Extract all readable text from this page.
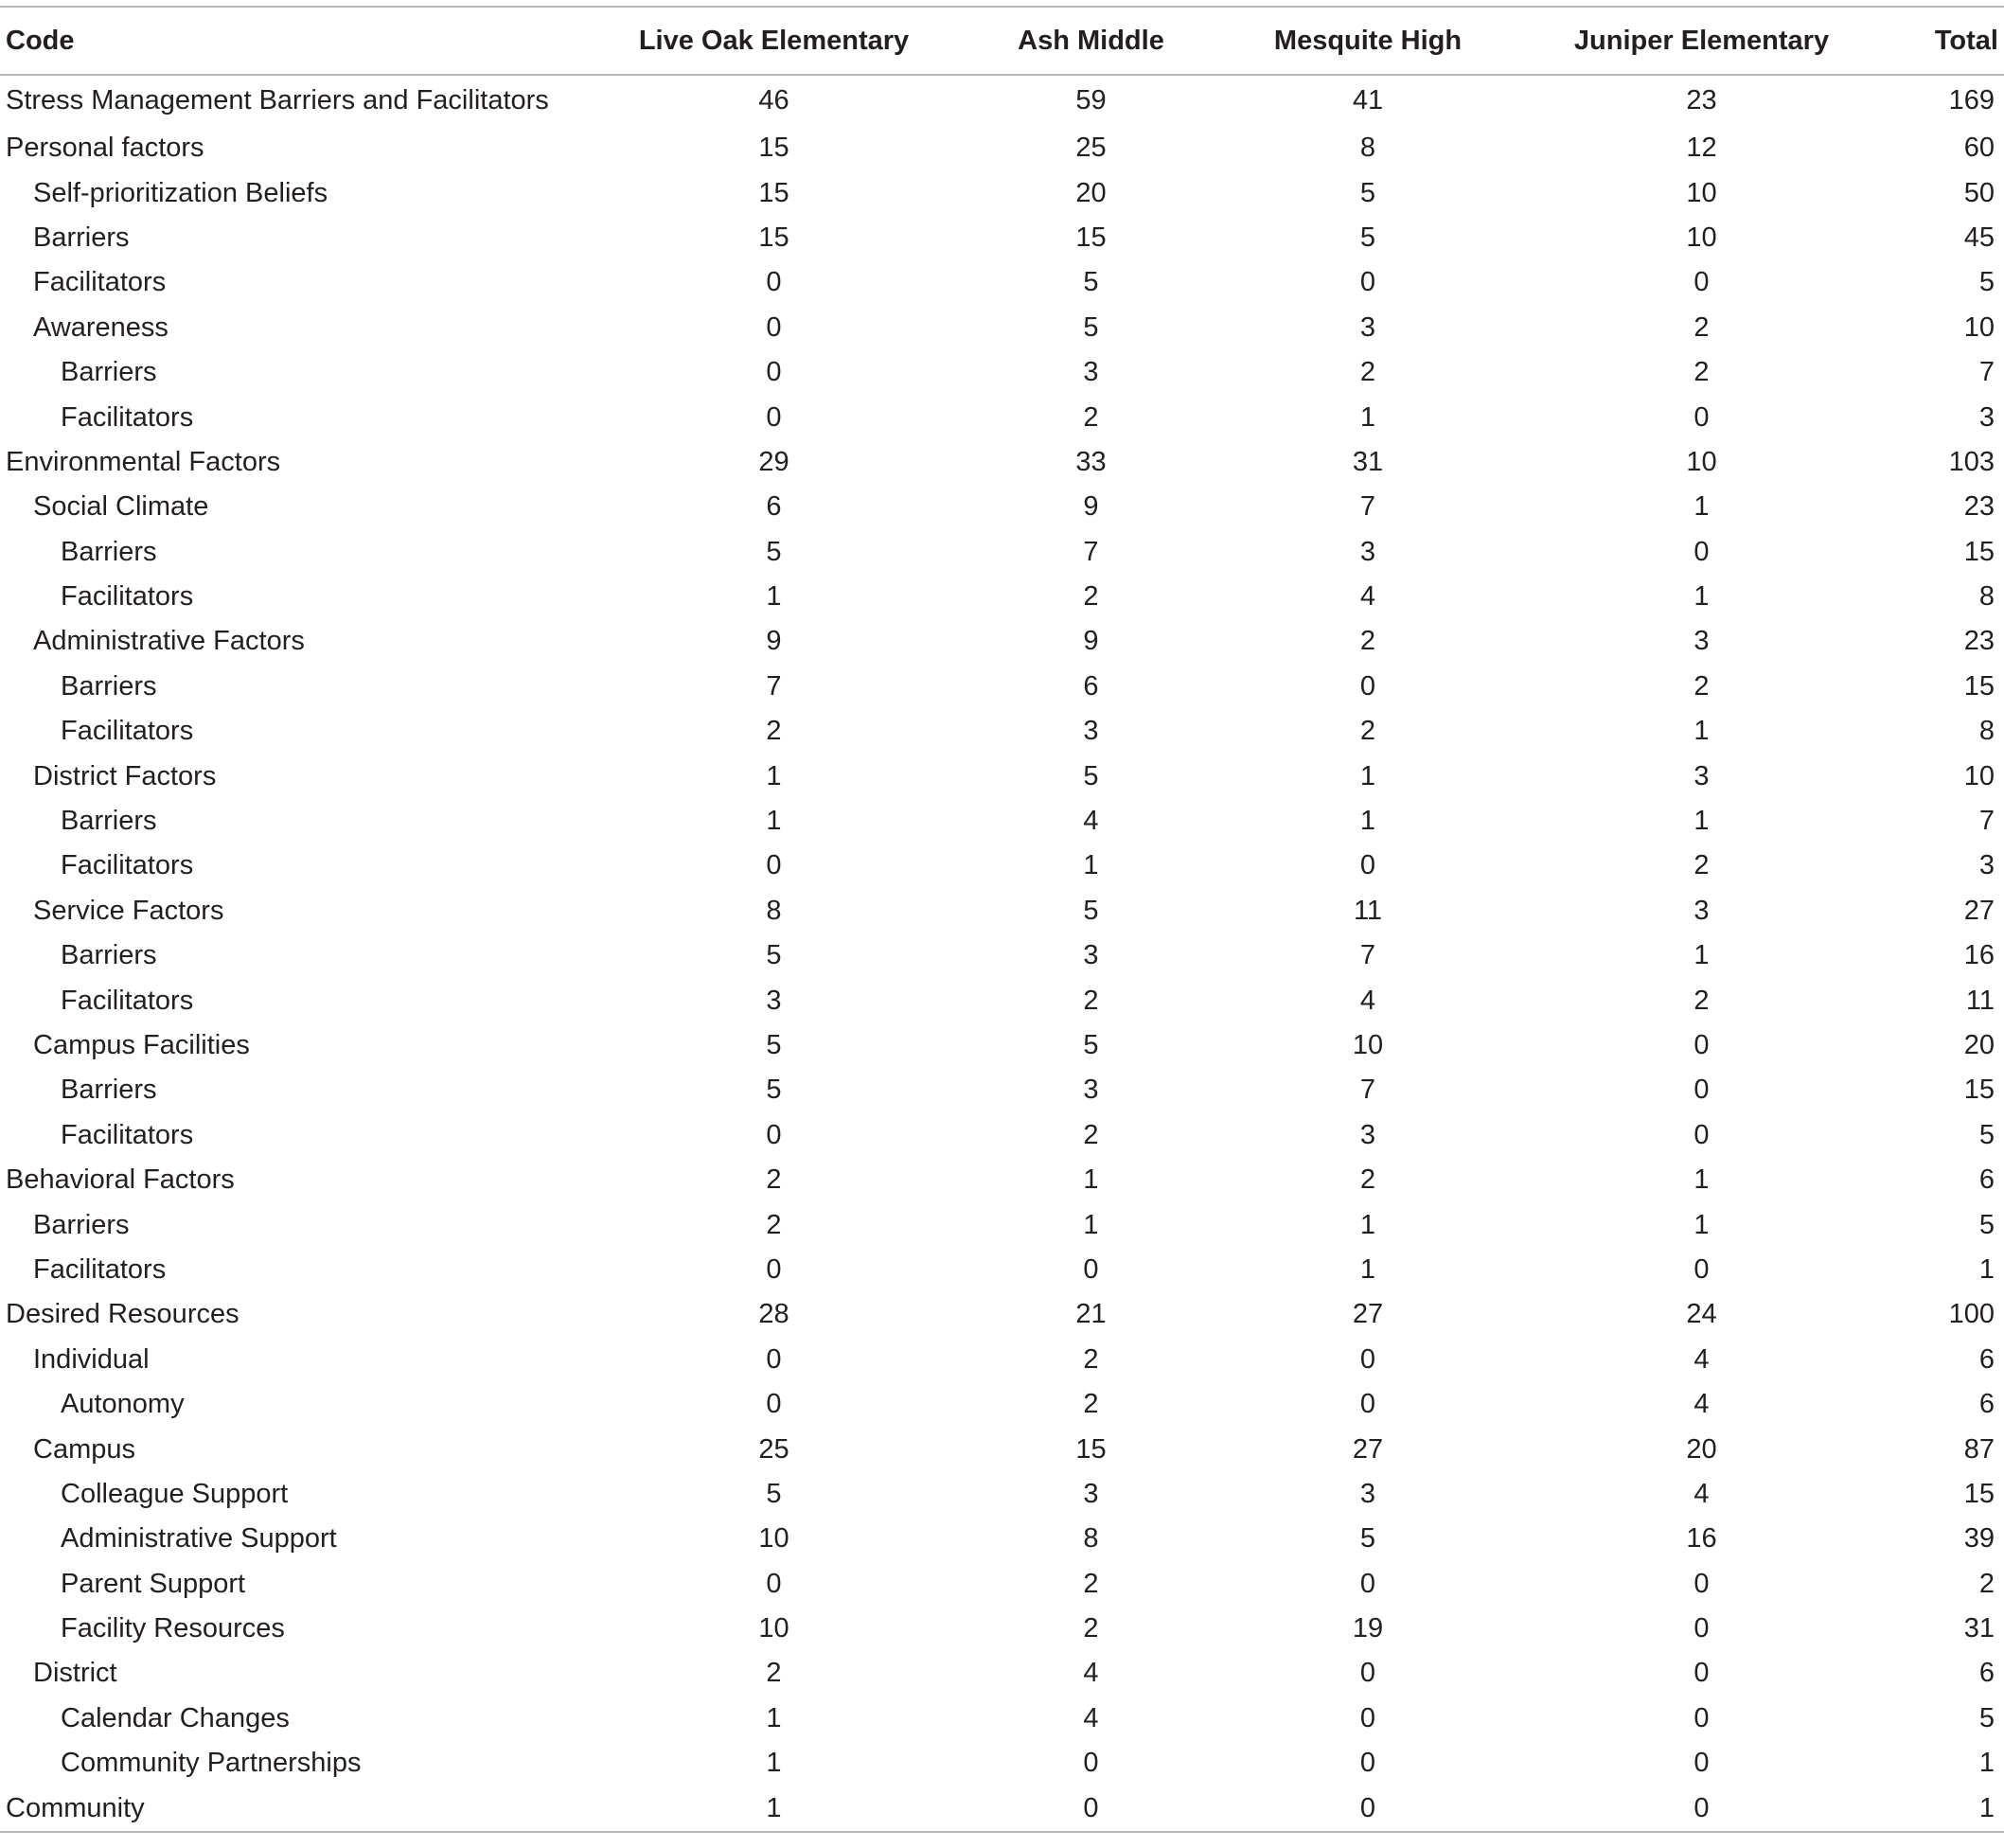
Code	Live Oak Elementary	Ash Middle	Mesquite High	Juniper Elementary	Total
Stress Management Barriers and Facilitators	46	59	41	23	169
Personal factors	15	25	8	12	60
Self-prioritization Beliefs	15	20	5	10	50
Barriers	15	15	5	10	45
Facilitators	0	5	0	0	5
Awareness	0	5	3	2	10
Barriers	0	3	2	2	7
Facilitators	0	2	1	0	3
Environmental Factors	29	33	31	10	103
Social Climate	6	9	7	1	23
Barriers	5	7	3	0	15
Facilitators	1	2	4	1	8
Administrative Factors	9	9	2	3	23
Barriers	7	6	0	2	15
Facilitators	2	3	2	1	8
District Factors	1	5	1	3	10
Barriers	1	4	1	1	7
Facilitators	0	1	0	2	3
Service Factors	8	5	11	3	27
Barriers	5	3	7	1	16
Facilitators	3	2	4	2	11
Campus Facilities	5	5	10	0	20
Barriers	5	3	7	0	15
Facilitators	0	2	3	0	5
Behavioral Factors	2	1	2	1	6
Barriers	2	1	1	1	5
Facilitators	0	0	1	0	1
Desired Resources	28	21	27	24	100
Individual	0	2	0	4	6
Autonomy	0	2	0	4	6
Campus	25	15	27	20	87
Colleague Support	5	3	3	4	15
Administrative Support	10	8	5	16	39
Parent Support	0	2	0	0	2
Facility Resources	10	2	19	0	31
District	2	4	0	0	6
Calendar Changes	1	4	0	0	5
Community Partnerships	1	0	0	0	1
Community	1	0	0	0	1
